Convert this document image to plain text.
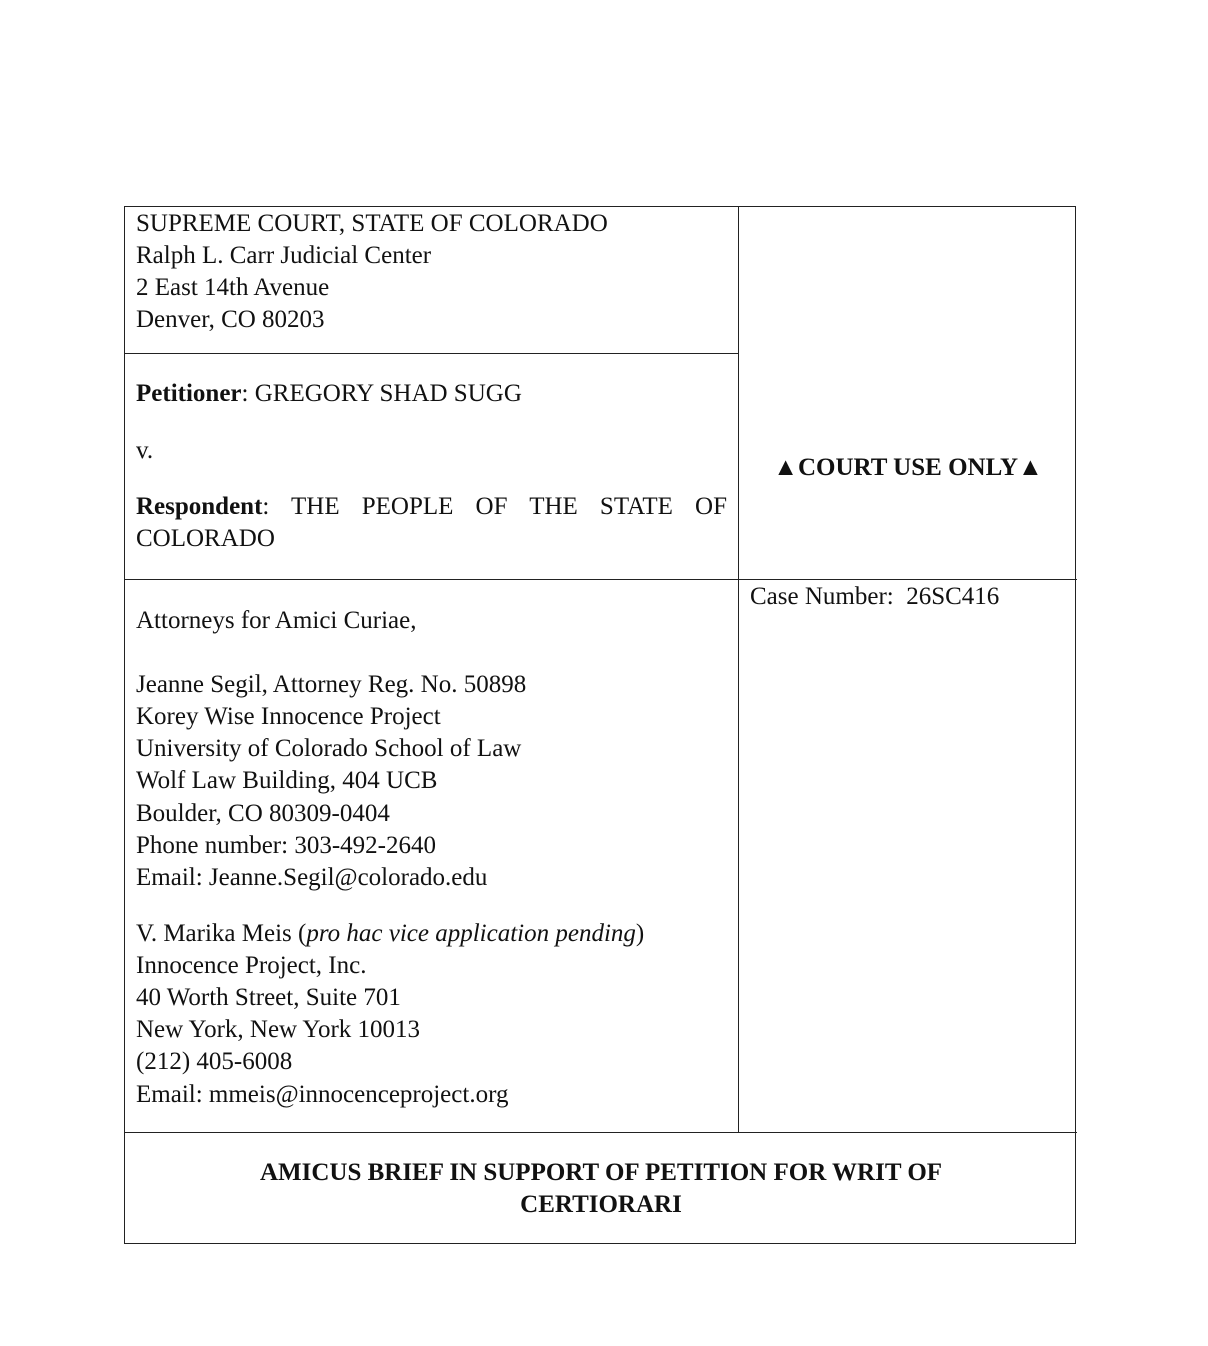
SUPREME COURT, STATE OF COLORADO
Ralph L. Carr Judicial Center
2 East 14th Avenue
Denver, CO 80203
Petitioner: GREGORY SHAD SUGG
v.
Respondent: THE PEOPLE OF THE STATE OF
COLORADO
▲COURT USE ONLY▲
Case Number: 26SC416
Attorneys for Amici Curiae,
Jeanne Segil, Attorney Reg. No. 50898
Korey Wise Innocence Project
University of Colorado School of Law
Wolf Law Building, 404 UCB
Boulder, CO 80309-0404
Phone number: 303-492-2640
Email: Jeanne.Segil@colorado.edu
V. Marika Meis (pro hac vice application pending)
Innocence Project, Inc.
40 Worth Street, Suite 701
New York, New York 10013
(212) 405-6008
Email: mmeis@innocenceproject.org
AMICUS BRIEF IN SUPPORT OF PETITION FOR WRIT OF
CERTIORARI
